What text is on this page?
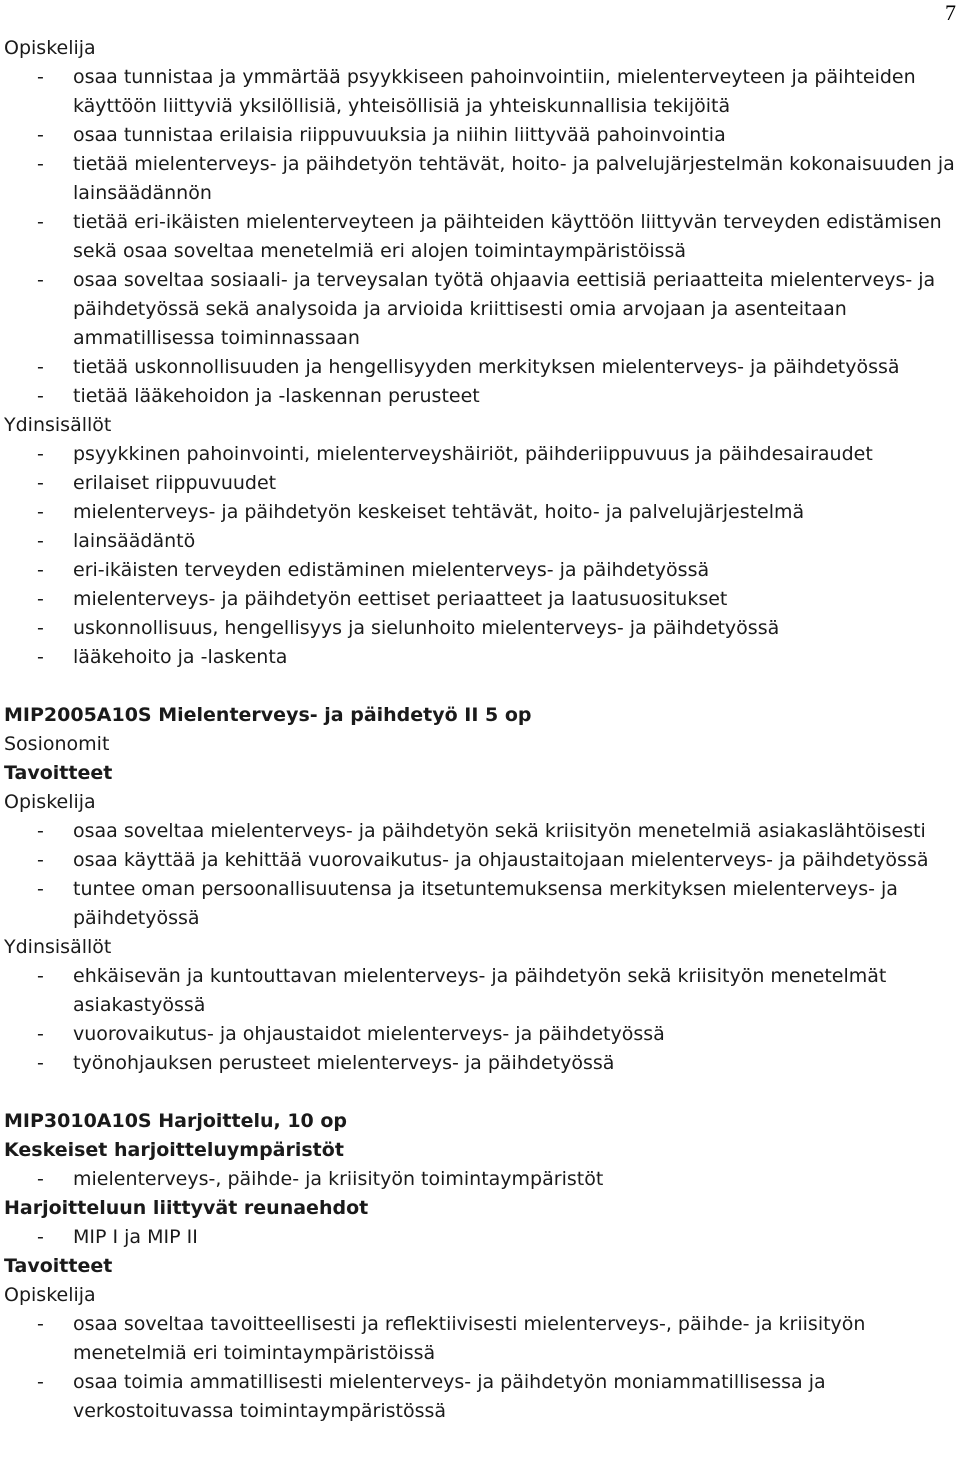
7
Opiskelija
- osaa tunnistaa ja ymmärtää psyykkiseen pahoinvointiin, mielenterveyteen ja päihteiden käyttöön liittyviä yksilöllisiä, yhteisöllisiä ja yhteiskunnallisia tekijöitä
- osaa tunnistaa erilaisia riippuvuuksia ja niihin liittyvää pahoinvointia
- tietää mielenterveys- ja päihdetyön tehtävät, hoito- ja palvelujärjestelmän kokonaisuuden ja lainsäädännön
- tietää eri-ikäisten mielenterveyteen ja päihteiden käyttöön liittyvän terveyden edistämisen sekä osaa soveltaa menetelmiä eri alojen toimintaympäristöissä
- osaa soveltaa sosiaali- ja terveysalan työtä ohjaavia eettisiä periaatteita mielenterveys- ja päihdetyössä sekä analysoida ja arvioida kriittisesti omia arvojaan ja asenteitaan ammatillisessa toiminnassaan
- tietää uskonnollisuuden ja hengellisyyden merkityksen mielenterveys- ja päihdetyössä
- tietää lääkehoidon ja -laskennan perusteet
Ydinsisällöt
- psyykkinen pahoinvointi, mielenterveyshäiriöt, päihderiippuvuus ja päihdesairaudet
- erilaiset riippuvuudet
- mielenterveys- ja päihdetyön keskeiset tehtävät, hoito- ja palvelujärjestelmä
- lainsäädäntö
- eri-ikäisten terveyden edistäminen mielenterveys- ja päihdetyössä
- mielenterveys- ja päihdetyön eettiset periaatteet ja laatusuositukset
- uskonnollisuus, hengellisyys ja sielunhoito mielenterveys- ja päihdetyössä
- lääkehoito ja -laskenta
MIP2005A10S Mielenterveys- ja päihdetyö II 5 op
Sosionomit
Tavoitteet
Opiskelija
- osaa soveltaa mielenterveys- ja päihdetyön sekä kriisityön menetelmiä asiakaslähtöisesti
- osaa käyttää ja kehittää vuorovaikutus- ja ohjaustaitojaan mielenterveys- ja päihdetyössä
- tuntee oman persoonallisuutensa ja itsetuntemuksensa merkityksen mielenterveys- ja päihdetyössä
Ydinsisällöt
- ehkäisevän ja kuntouttavan mielenterveys- ja päihdetyön sekä kriisityön menetelmät asiakastyössä
- vuorovaikutus- ja ohjaustaidot mielenterveys- ja päihdetyössä
- työnohjauksen perusteet mielenterveys- ja päihdetyössä
MIP3010A10S Harjoittelu, 10 op
Keskeiset harjoitteluympäristöt
- mielenterveys-, päihde- ja kriisityön toimintaympäristöt
Harjoitteluun liittyvät reunaehdot
- MIP I ja MIP II
Tavoitteet
Opiskelija
- osaa soveltaa tavoitteellisesti ja reflektiivisesti mielenterveys-, päihde- ja kriisityön menetelmiä eri toimintaympäristöissä
- osaa toimia ammatillisesti mielenterveys- ja päihdetyön moniammatillisessa ja verkostoituvassa toimintaympäristössä
